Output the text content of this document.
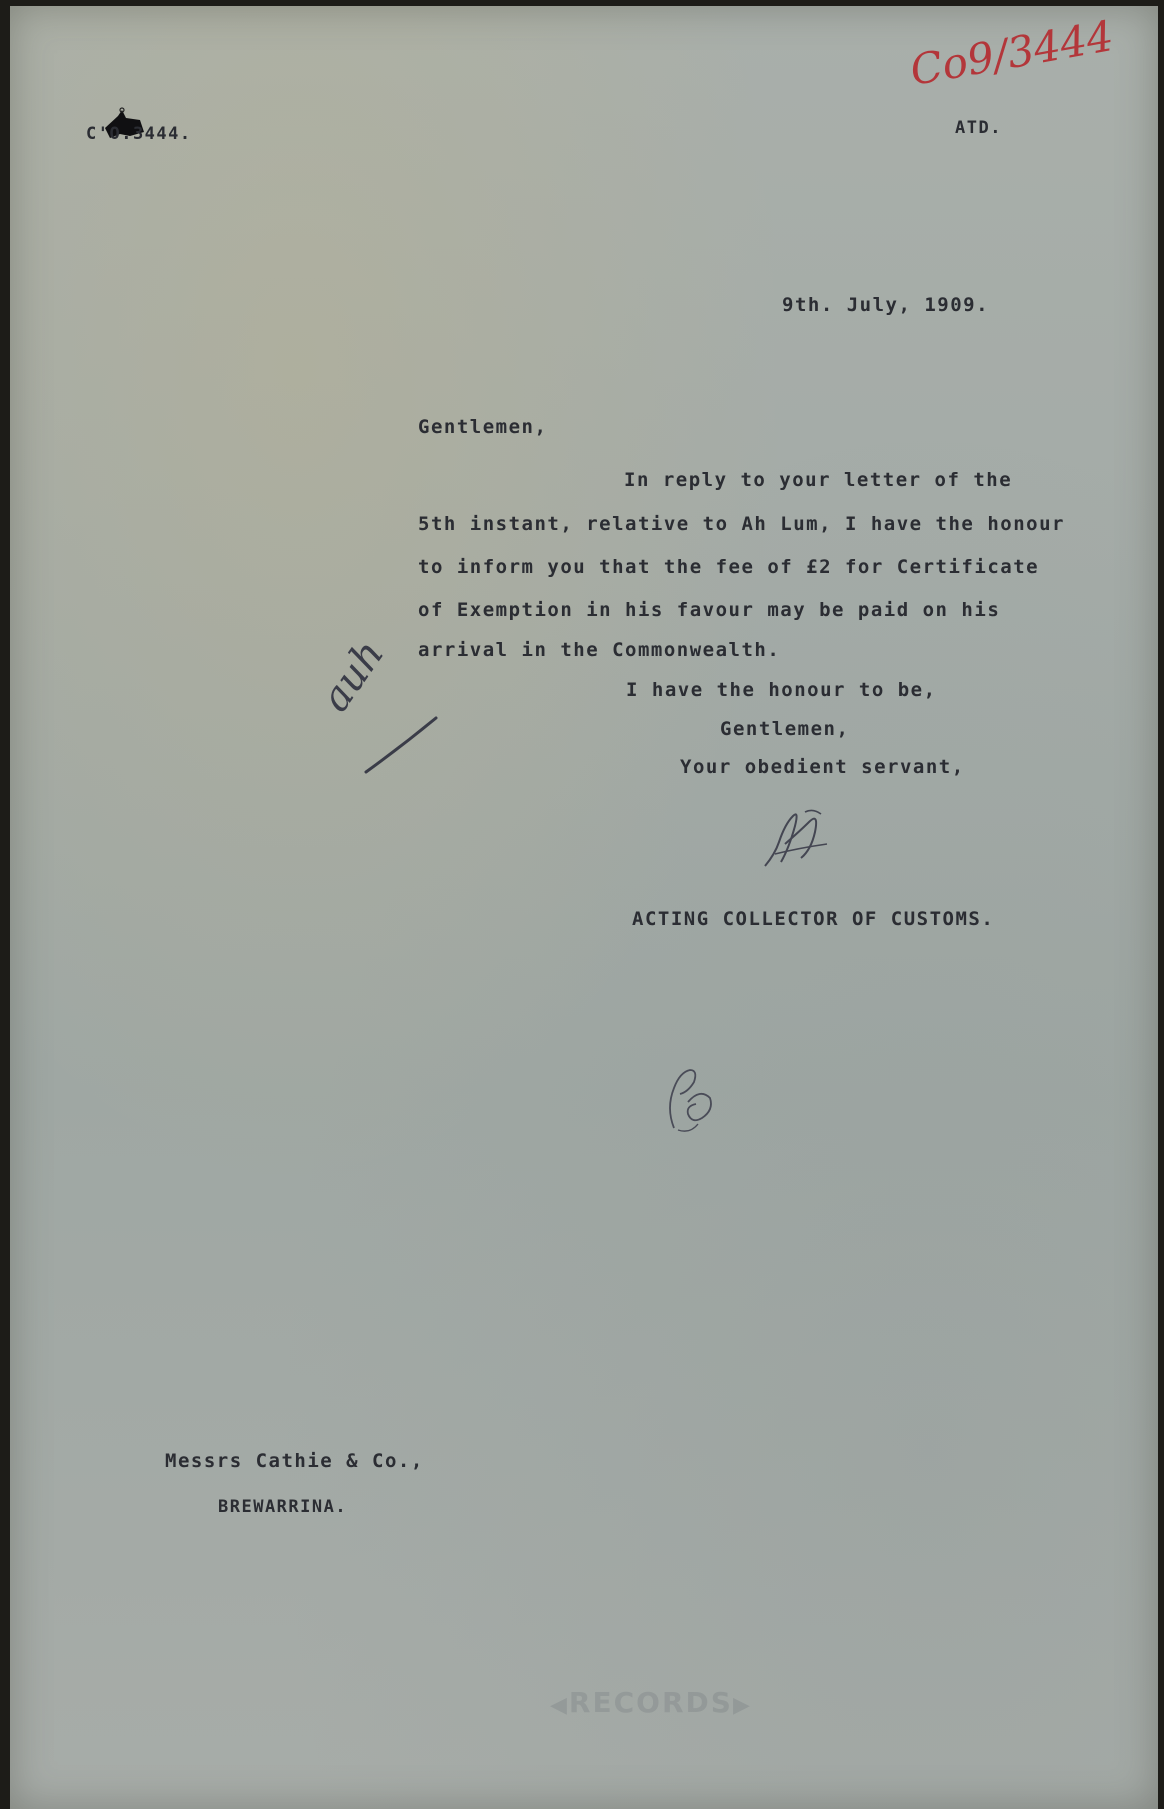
C'O.3444.
Co9/3444
ATD.
9th. July, 1909.
Gentlemen,
In reply to your letter of the
5th instant, relative to Ah Lum, I have the honour
to inform you that the fee of £2 for Certificate
of Exemption in his favour may be paid on his
arrival in the Commonwealth.
auh	I have the honour to be,
Gentlemen,
Your obedient servant,
ACTING COLLECTOR OF CUSTOMS.
Messrs Cathie & Co.,
BREWARRINA.
◀RECORDS▶
